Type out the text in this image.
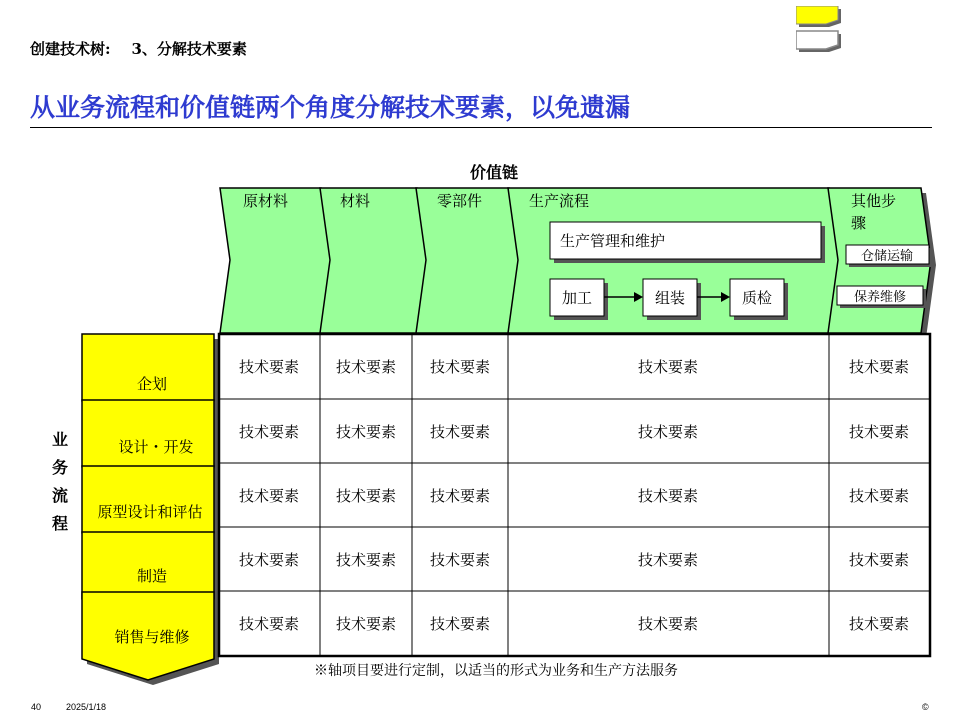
创建技术树: 3、分解技术要素
从业务流程和价值链两个角度分解技术要素，以免遗漏
价值链
业
务
流
程
原材料	材料	零部件	生产流程	其他步
骤
生产管理和维护
加工	组装	质检
仓储运输
保养维修
企划
设计・开发
原型设计和评估
制造
销售与维修
技术要素 技术要素 技术要素	技术要素	技术要素
技术要素 技术要素 技术要素	技术要素	技术要素
技术要素 技术要素 技术要素	技术要素	技术要素
技术要素 技术要素 技术要素	技术要素	技术要素
技术要素 技术要素 技术要素	技术要素	技术要素
※轴项目要进行定制，以适当的形式为业务和生产方法服务
40	2025/1/18	©
